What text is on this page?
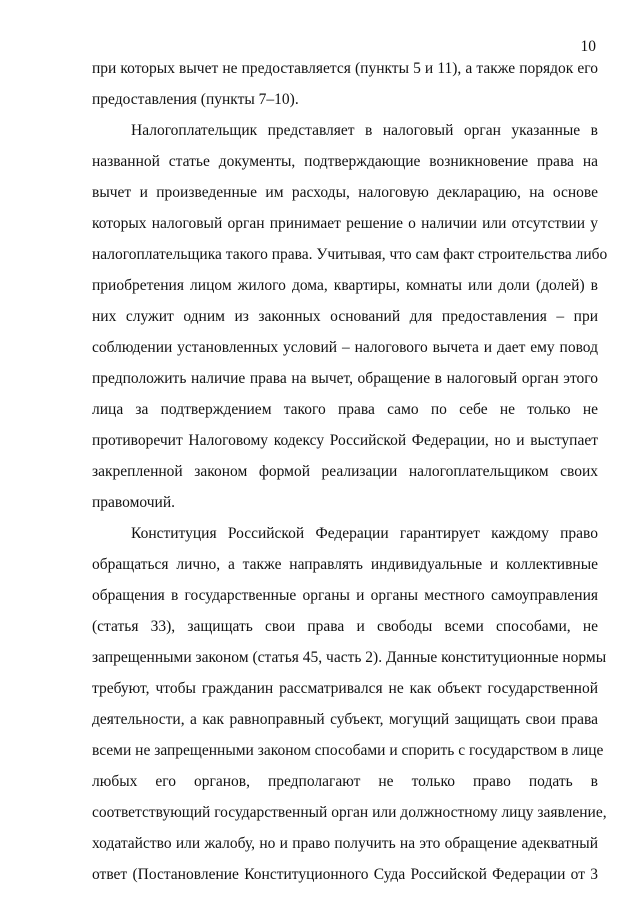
10
при которых вычет не предоставляется (пункты 5 и 11), а также порядок его
предоставления (пункты 7–10).
Налогоплательщик представляет в налоговый орган указанные в
названной статье документы, подтверждающие возникновение права на
вычет и произведенные им расходы, налоговую декларацию, на основе
которых налоговый орган принимает решение о наличии или отсутствии у
налогоплательщика такого права. Учитывая, что сам факт строительства либо
приобретения лицом жилого дома, квартиры, комнаты или доли (долей) в
них служит одним из законных оснований для предоставления – при
соблюдении установленных условий – налогового вычета и дает ему повод
предположить наличие права на вычет, обращение в налоговый орган этого
лица за подтверждением такого права само по себе не только не
противоречит Налоговому кодексу Российской Федерации, но и выступает
закрепленной законом формой реализации налогоплательщиком своих
правомочий.
Конституция Российской Федерации гарантирует каждому право
обращаться лично, а также направлять индивидуальные и коллективные
обращения в государственные органы и органы местного самоуправления
(статья 33), защищать свои права и свободы всеми способами, не
запрещенными законом (статья 45, часть 2). Данные конституционные нормы
требуют, чтобы гражданин рассматривался не как объект государственной
деятельности, а как равноправный субъект, могущий защищать свои права
всеми не запрещенными законом способами и спорить с государством в лице
любых его органов, предполагают не только право подать в
соответствующий государственный орган или должностному лицу заявление,
ходатайство или жалобу, но и право получить на это обращение адекватный
ответ (Постановление Конституционного Суда Российской Федерации от 3
